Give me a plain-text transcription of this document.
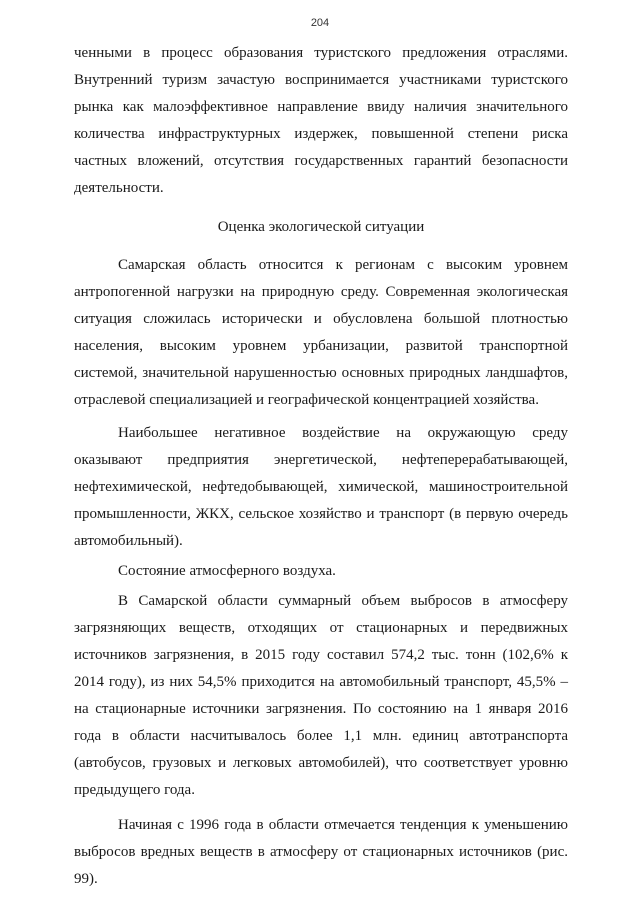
204

ченными в процесс образования туристского предложения отраслями. Внутренний туризм зачастую воспринимается участниками туристского рынка как малоэффективное направление ввиду наличия значительного количества инфраструктурных издержек, повышенной степени риска частных вложений, отсутствия государственных гарантий безопасности деятельности.

Оценка экологической ситуации

Самарская область относится к регионам с высоким уровнем антропогенной нагрузки на природную среду. Современная экологическая ситуация сложилась исторически и обусловлена большой плотностью населения, высоким уровнем урбанизации, развитой транспортной системой, значительной нарушенностью основных природных ландшафтов, отраслевой специализацией и географической концентрацией хозяйства.

Наибольшее негативное воздействие на окружающую среду оказывают предприятия энергетической, нефтеперерабатывающей, нефтехимической, нефтедобывающей, химической, машиностроительной промышленности, ЖКХ, сельское хозяйство и транспорт (в первую очередь автомобильный).

Состояние атмосферного воздуха.

В Самарской области суммарный объем выбросов в атмосферу загрязняющих веществ, отходящих от стационарных и передвижных источников загрязнения, в 2015 году составил 574,2 тыс. тонн (102,6% к 2014 году), из них 54,5% приходится на автомобильный транспорт, 45,5% – на стационарные источники загрязнения. По состоянию на 1 января 2016 года в области насчитывалось более 1,1 млн. единиц автотранспорта (автобусов, грузовых и легковых автомобилей), что соответствует уровню предыдущего года.

Начиная с 1996 года в области отмечается тенденция к уменьшению выбросов вредных веществ в атмосферу от стационарных источников (рис. 99).
